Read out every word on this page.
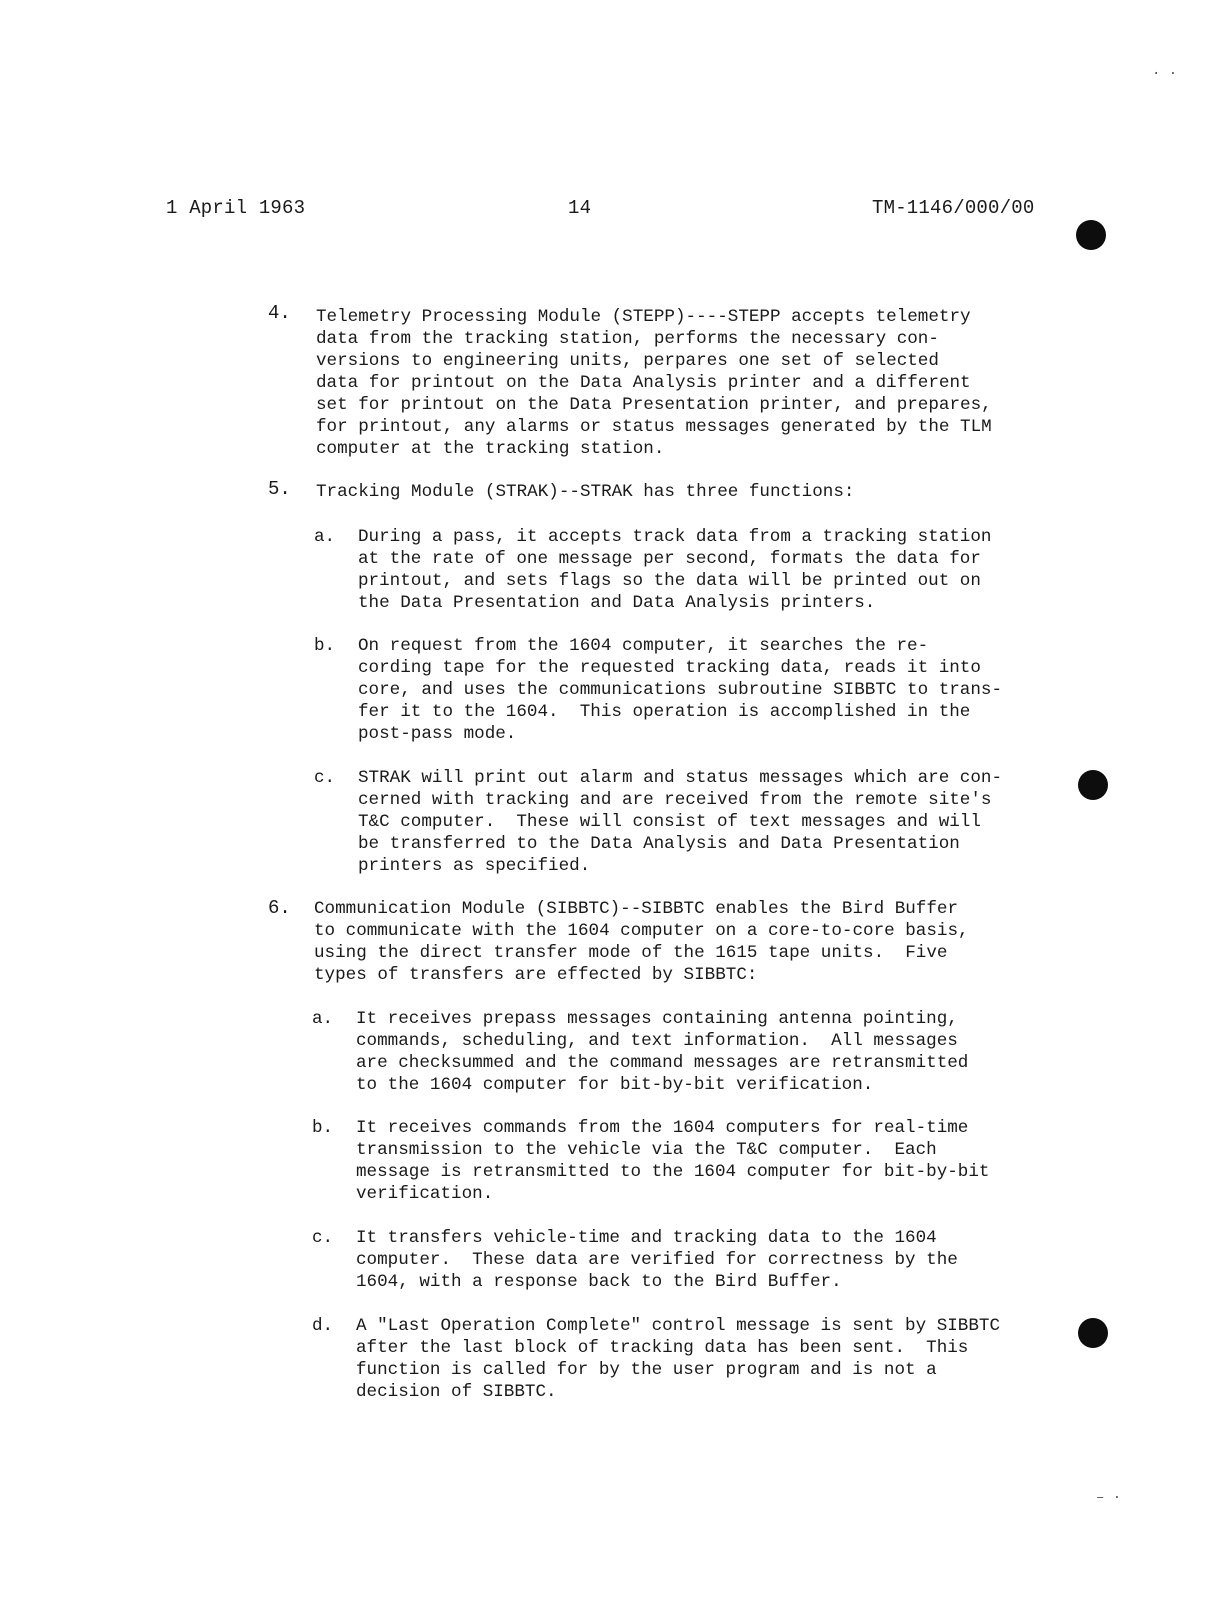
1 April 1963	14	TM-1146/000/00
· ·
– ·
4. Telemetry Processing Module (STEPP)----STEPP accepts telemetry
data from the tracking station, performs the necessary con-
versions to engineering units, perpares one set of selected
data for printout on the Data Analysis printer and a different
set for printout on the Data Presentation printer, and prepares,
for printout, any alarms or status messages generated by the TLM
computer at the tracking station.
5. Tracking Module (STRAK)--STRAK has three functions:
a. During a pass, it accepts track data from a tracking station
at the rate of one message per second, formats the data for
printout, and sets flags so the data will be printed out on
the Data Presentation and Data Analysis printers.
b. On request from the 1604 computer, it searches the re-
cording tape for the requested tracking data, reads it into
core, and uses the communications subroutine SIBBTC to trans-
fer it to the 1604.  This operation is accomplished in the
post-pass mode.
c. STRAK will print out alarm and status messages which are con-
cerned with tracking and are received from the remote site's
T&C computer.  These will consist of text messages and will
be transferred to the Data Analysis and Data Presentation
printers as specified.
6. Communication Module (SIBBTC)--SIBBTC enables the Bird Buffer
to communicate with the 1604 computer on a core-to-core basis,
using the direct transfer mode of the 1615 tape units.  Five
types of transfers are effected by SIBBTC:
a. It receives prepass messages containing antenna pointing,
commands, scheduling, and text information.  All messages
are checksummed and the command messages are retransmitted
to the 1604 computer for bit-by-bit verification.
b. It receives commands from the 1604 computers for real-time
transmission to the vehicle via the T&C computer.  Each
message is retransmitted to the 1604 computer for bit-by-bit
verification.
c. It transfers vehicle-time and tracking data to the 1604
computer.  These data are verified for correctness by the
1604, with a response back to the Bird Buffer.
d. A "Last Operation Complete" control message is sent by SIBBTC
after the last block of tracking data has been sent.  This
function is called for by the user program and is not a
decision of SIBBTC.
